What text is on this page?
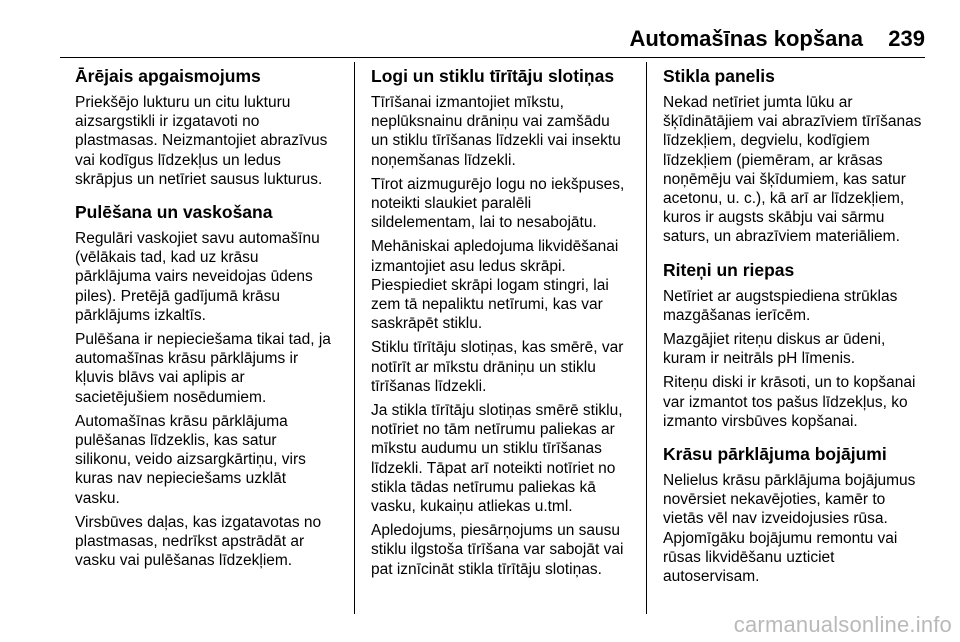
Automašīnas kopšana 239
Ārējais apgaismojums

Priekšējo lukturu un citu lukturu
aizsargstikli ir izgatavoti no
plastmasas. Neizmantojiet abrazīvus
vai kodīgus līdzekļus un ledus
skrāpjus un netīriet sausus lukturus.

Pulēšana un vaskošana

Regulāri vaskojiet savu automašīnu
(vēlākais tad, kad uz krāsu
pārklājuma vairs neveidojas ūdens
piles). Pretējā gadījumā krāsu
pārklājums izkaltīs.

Pulēšana ir nepieciešama tikai tad, ja
automašīnas krāsu pārklājums ir
kļuvis blāvs vai aplipis ar
sacietējušiem nosēdumiem.

Automašīnas krāsu pārklājuma
pulēšanas līdzeklis, kas satur
silikonu, veido aizsargkārtiņu, virs
kuras nav nepieciešams uzklāt
vasku.

Virsbūves daļas, kas izgatavotas no
plastmasas, nedrīkst apstrādāt ar
vasku vai pulēšanas līdzekļiem.

Logi un stiklu tīrītāju slotiņas

Tīrīšanai izmantojiet mīkstu,
neplūksnainu drāniņu vai zamšādu
un stiklu tīrīšanas līdzekli vai insektu
noņemšanas līdzekli.

Tīrot aizmugurējo logu no iekšpuses,
noteikti slaukiet paralēli
sildelementam, lai to nesabojātu.

Mehāniskai apledojuma likvidēšanai
izmantojiet asu ledus skrāpi.
Piespiediet skrāpi logam stingri, lai
zem tā nepaliktu netīrumi, kas var
saskrāpēt stiklu.

Stiklu tīrītāju slotiņas, kas smērē, var
notīrīt ar mīkstu drāniņu un stiklu
tīrīšanas līdzekli.

Ja stikla tīrītāju slotiņas smērē stiklu,
notīriet no tām netīrumu paliekas ar
mīkstu audumu un stiklu tīrīšanas
līdzekli. Tāpat arī noteikti notīriet no
stikla tādas netīrumu paliekas kā
vasku, kukaiņu atliekas u.tml.

Apledojums, piesārņojums un sausu
stiklu ilgstoša tīrīšana var sabojāt vai
pat iznīcināt stikla tīrītāju slotiņas.

Stikla panelis

Nekad netīriet jumta lūku ar
šķīdinātājiem vai abrazīviem tīrīšanas
līdzekļiem, degvielu, kodīgiem
līdzekļiem (piemēram, ar krāsas
noņēmēju vai šķīdumiem, kas satur
acetonu, u. c.), kā arī ar līdzekļiem,
kuros ir augsts skābju vai sārmu
saturs, un abrazīviem materiāliem.

Riteņi un riepas

Netīriet ar augstspiediena strūklas
mazgāšanas ierīcēm.

Mazgājiet riteņu diskus ar ūdeni,
kuram ir neitrāls pH līmenis.

Riteņu diski ir krāsoti, un to kopšanai
var izmantot tos pašus līdzekļus, ko
izmanto virsbūves kopšanai.

Krāsu pārklājuma bojājumi

Nelielus krāsu pārklājuma bojājumus
novērsiet nekavējoties, kamēr to
vietās vēl nav izveidojusies rūsa.
Apjomīgāku bojājumu remontu vai
rūsas likvidēšanu uzticiet
autoservisam.

carmanualsonline.info
